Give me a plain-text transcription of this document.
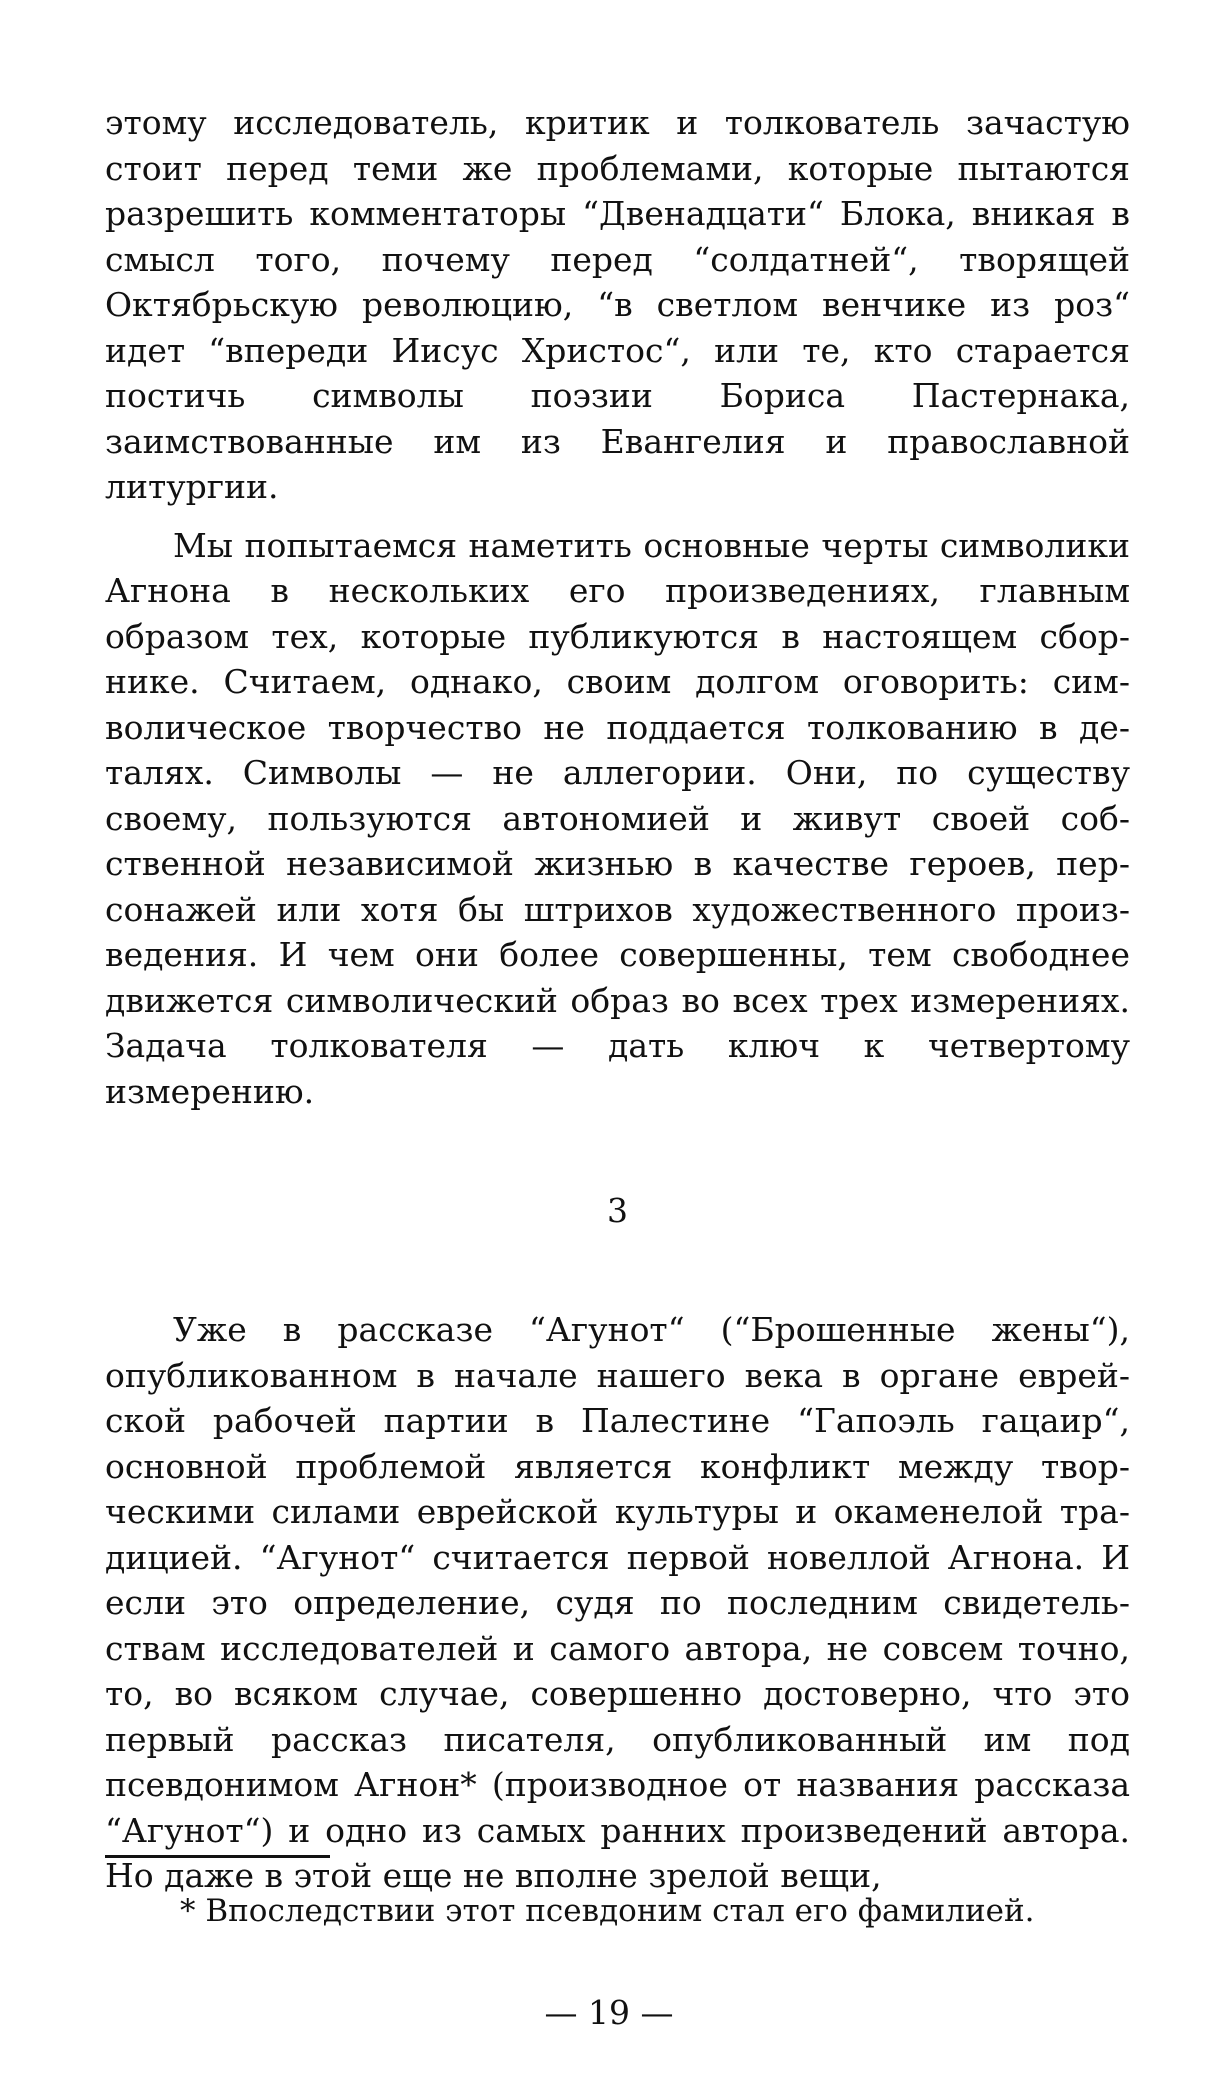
этому исследователь, критик и толкователь зачастую стоит перед теми же проблемами, которые пытаются разрешить комментаторы “Двенадцати“ Блока, вникая в смысл того, почему перед “солдатней“, творящей Октябрьскую революцию, “в светлом венчике из роз“ идет “впереди Иисус Христос“, или те, кто старается постичь символы поэзии Бориса Пастернака, заимствованные им из Евангелия и православной литургии.

Мы попытаемся наметить основные черты символики Агнона в нескольких его произведениях, главным образом тех, которые публикуются в настоящем сборнике. Считаем, однако, своим долгом оговорить: символическое творчество не поддается толкованию в деталях. Символы — не аллегории. Они, по существу своему, пользуются автономией и живут своей собственной независимой жизнью в качестве героев, персонажей или хотя бы штрихов художественного произведения. И чем они более совершенны, тем свободнее движется символический образ во всех трех измерениях. Задача толкователя — дать ключ к четвертому измерению.

3

Уже в рассказе “Агунот“ (“Брошенные жены“), опубликованном в начале нашего века в органе еврейской рабочей партии в Палестине “Гапоэль гацаир“, основной проблемой является конфликт между творческими силами еврейской культуры и окаменелой традицией. “Агунот“ считается первой новеллой Агнона. И если это определение, судя по последним свидетельствам исследователей и самого автора, не совсем точно, то, во всяком случае, совершенно достоверно, что это первый рассказ писателя, опубликованный им под псевдонимом Агнон* (производное от названия рассказа “Агунот“) и одно из самых ранних произведений автора. Но даже в этой еще не вполне зрелой вещи,

* Впоследствии этот псевдоним стал его фамилией.

— 19 —
